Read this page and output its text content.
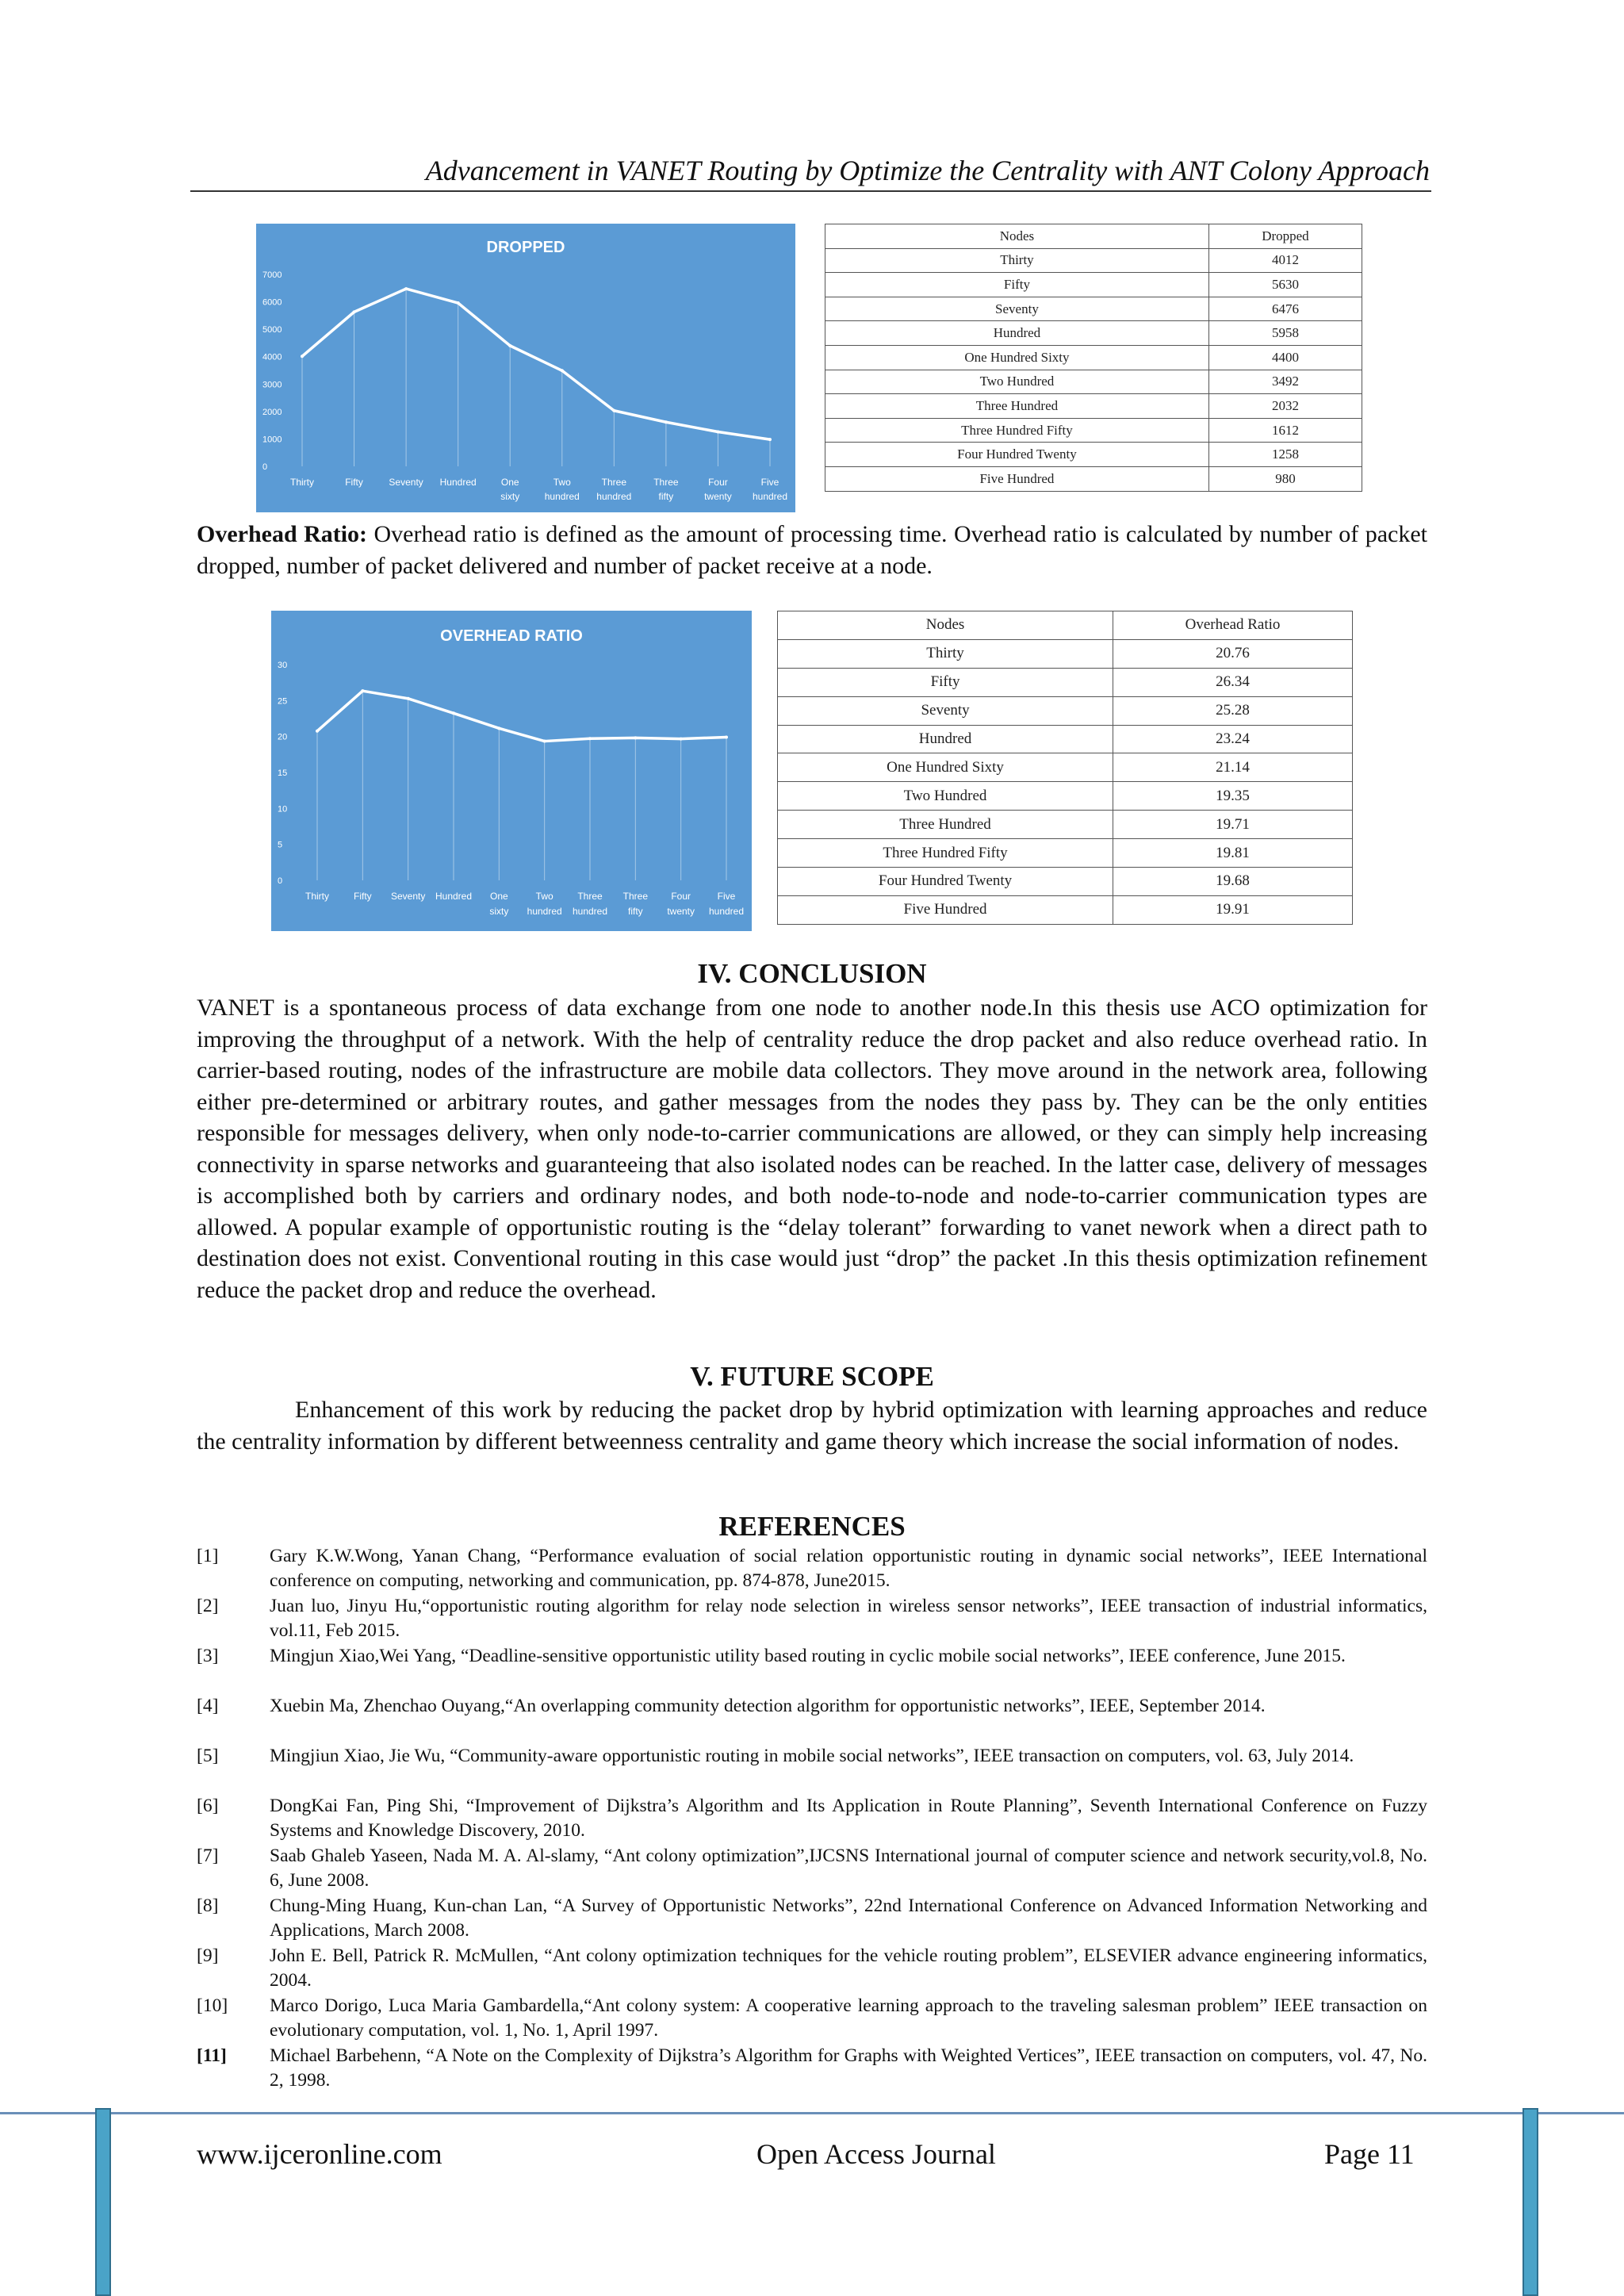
Advancement in VANET Routing by Optimize the Centrality with ANT Colony Approach
DROPPED
0
1000
2000
3000
4000
5000
6000
7000
Thirty	Fifty	Seventy Hundred	One sixty
Two hundred
Three hundred
Three fifty
Four twenty
Five hundred
Nodes	Dropped
Thirty	4012
Fifty	5630
Seventy	6476
Hundred	5958
One Hundred Sixty	4400
Two Hundred	3492
Three Hundred	2032
Three Hundred Fifty	1612
Four Hundred Twenty	1258
Five Hundred	980
Overhead Ratio: Overhead ratio is defined as the amount of processing time. Overhead ratio is calculated by number of packet dropped, number of packet delivered and number of packet receive at a node.
OVERHEAD RATIO
0
5
10
15
20
25
30
Thirty	Fifty Seventy Hundred One sixty
Two hundred
Three hundred
Three fifty
Four twenty
Five hundred
Nodes	Overhead Ratio
Thirty	20.76
Fifty	26.34
Seventy	25.28
Hundred	23.24
One Hundred Sixty	21.14
Two Hundred	19.35
Three Hundred	19.71
Three Hundred Fifty	19.81
Four Hundred Twenty	19.68
Five Hundred	19.91
IV. CONCLUSION
VANET is a spontaneous process of data exchange from one node to another node.In this thesis use ACO optimization for improving the throughput of a network. With the help of centrality reduce the drop packet and also reduce overhead ratio. In carrier-based routing, nodes of the infrastructure are mobile data collectors. They move around in the network area, following either pre-determined or arbitrary routes, and gather messages from the nodes they pass by. They can be the only entities responsible for messages delivery, when only node-to-carrier communications are allowed, or they can simply help increasing connectivity in sparse networks and guaranteeing that also isolated nodes can be reached. In the latter case, delivery of messages is accomplished both by carriers and ordinary nodes, and both node-to-node and node-to-carrier communication types are allowed. A popular example of opportunistic routing is the “delay tolerant” forwarding to vanet nework when a direct path to destination does not exist. Conventional routing in this case would just “drop” the packet .In this thesis optimization refinement reduce the packet drop and reduce the overhead.
V. FUTURE SCOPE
Enhancement of this work by reducing the packet drop by hybrid optimization with learning approaches and reduce the centrality information by different betweenness centrality and game theory which increase the social information of nodes.
REFERENCES
[1]	Gary K.W.Wong, Yanan Chang, “Performance evaluation of social relation opportunistic routing in dynamic social networks”, IEEE International conference on computing, networking and communication, pp. 874-878, June2015.
[2]	Juan luo, Jinyu Hu,“opportunistic routing algorithm for relay node selection in wireless sensor networks”, IEEE transaction of industrial informatics, vol.11, Feb 2015.
[3]	Mingjun Xiao,Wei Yang, “Deadline-sensitive opportunistic utility based routing in cyclic mobile social networks”, IEEE conference, June 2015.
[4]	Xuebin Ma, Zhenchao Ouyang,“An overlapping community detection algorithm for opportunistic networks”, IEEE, September 2014.
[5]	Mingjiun Xiao, Jie Wu, “Community-aware opportunistic routing in mobile social networks”, IEEE transaction on computers, vol. 63, July 2014.
[6]	DongKai Fan, Ping Shi, “Improvement of Dijkstra’s Algorithm and Its Application in Route Planning”, Seventh International Conference on Fuzzy Systems and Knowledge Discovery, 2010.
[7]	Saab Ghaleb Yaseen, Nada M. A. Al-slamy, “Ant colony optimization”,IJCSNS International journal of computer science and network security,vol.8, No. 6, June 2008.
[8]	Chung-Ming Huang, Kun-chan Lan, “A Survey of Opportunistic Networks”, 22nd International Conference on Advanced Information Networking and Applications, March 2008.
[9]	John E. Bell, Patrick R. McMullen, “Ant colony optimization techniques for the vehicle routing problem”, ELSEVIER advance engineering informatics, 2004.
[10]	Marco Dorigo, Luca Maria Gambardella,“Ant colony system: A cooperative learning approach to the traveling salesman problem” IEEE transaction on evolutionary computation, vol. 1, No. 1, April 1997.
[11]	Michael Barbehenn, “A Note on the Complexity of Dijkstra’s Algorithm for Graphs with Weighted Vertices”, IEEE transaction on computers, vol. 47, No. 2, 1998.
www.ijceronline.com	Open Access Journal	Page 11
